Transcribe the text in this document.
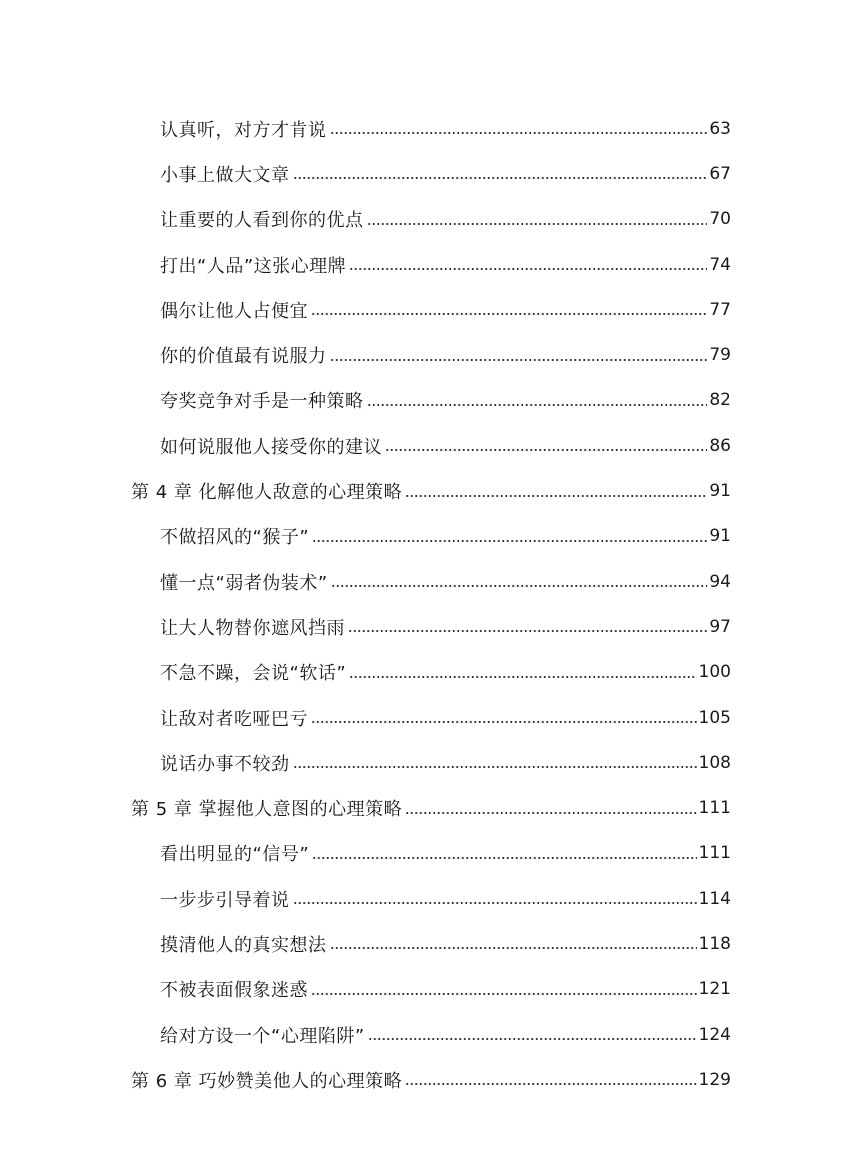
认真听，对方才肯说	63
小事上做大文章	67
让重要的人看到你的优点	70
打出“人品”这张心理牌	74
偶尔让他人占便宜	77
你的价值最有说服力	79
夸奖竞争对手是一种策略	82
如何说服他人接受你的建议	86
第 4 章 化解他人敌意的心理策略	91
不做招风的“猴子”	91
懂一点“弱者伪装术”	94
让大人物替你遮风挡雨	97
不急不躁，会说“软话”	100
让敌对者吃哑巴亏	105
说话办事不较劲	108
第 5 章 掌握他人意图的心理策略	111
看出明显的“信号”	111
一步步引导着说	114
摸清他人的真实想法	118
不被表面假象迷惑	121
给对方设一个“心理陷阱”	124
第 6 章 巧妙赞美他人的心理策略	129
